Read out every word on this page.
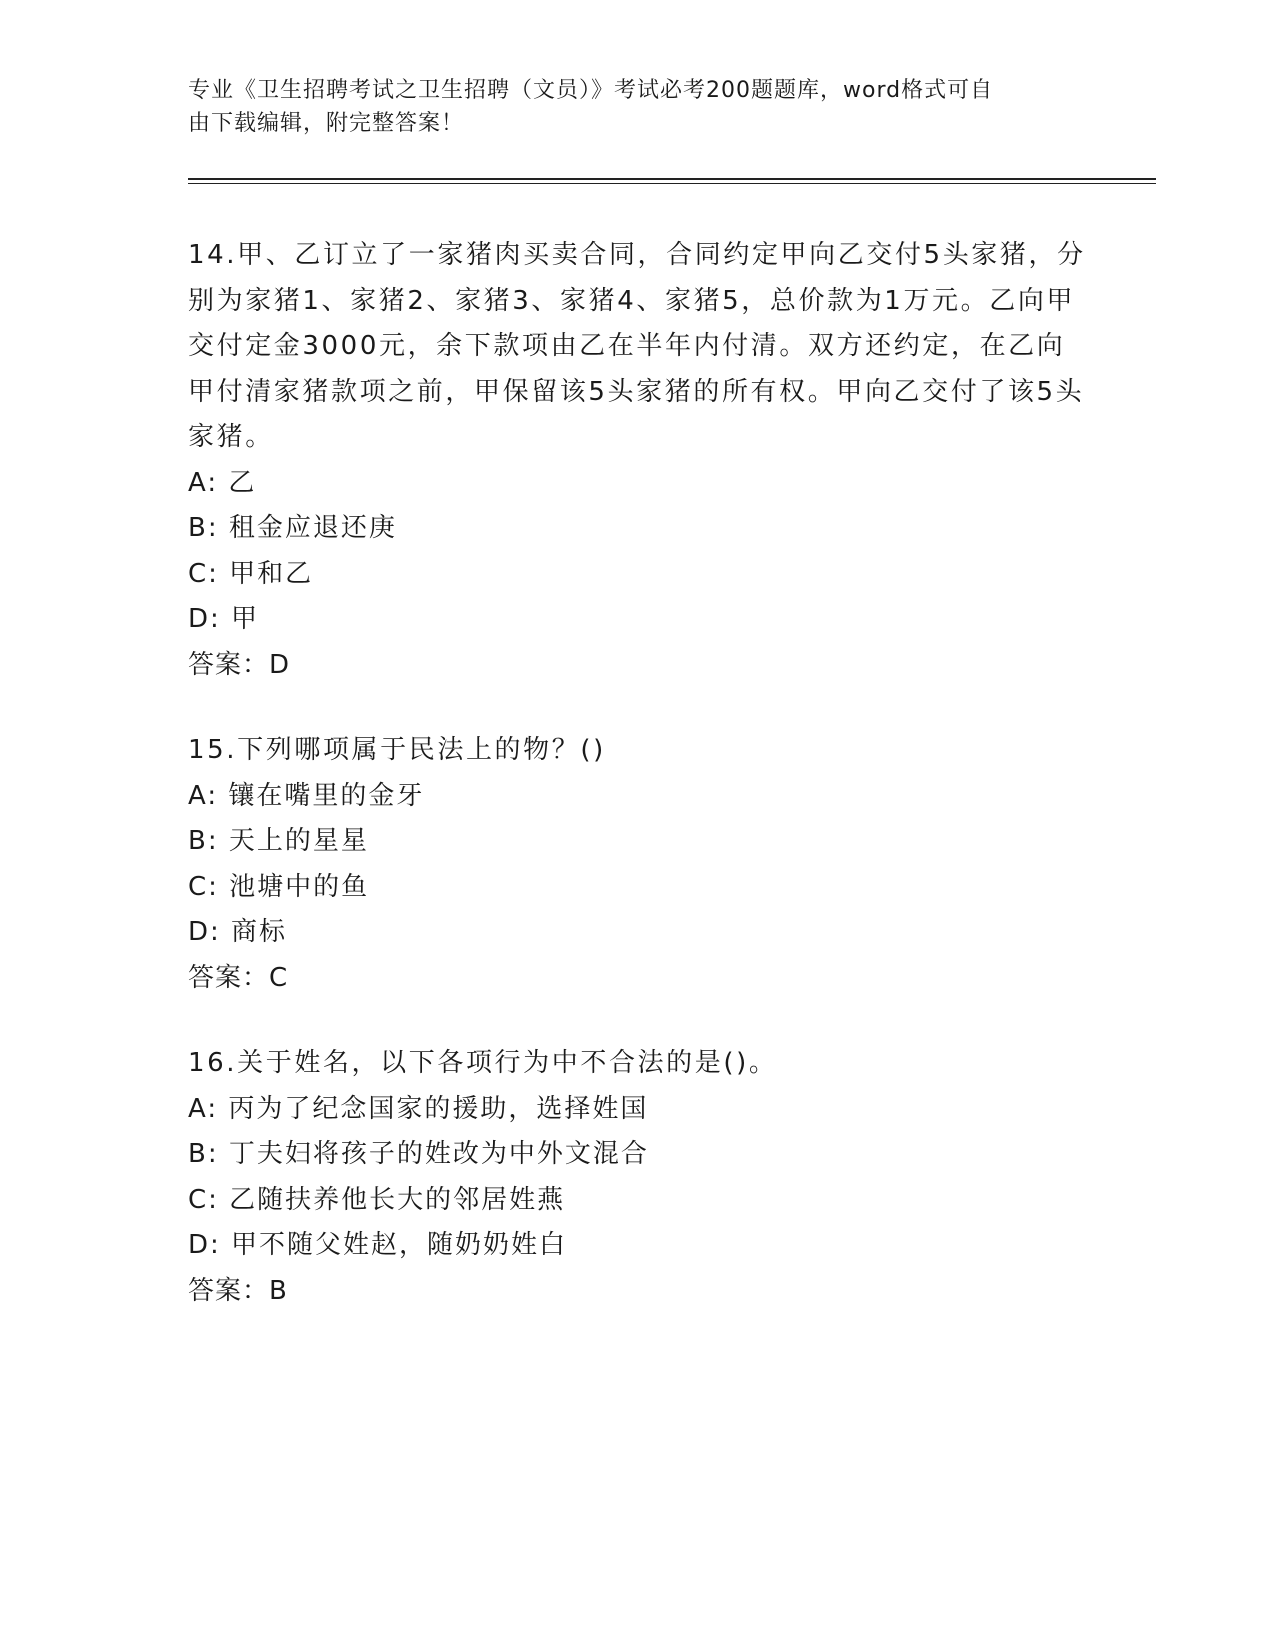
专业《卫生招聘考试之卫生招聘（文员）》考试必考200题题库，word格式可自
由下载编辑，附完整答案！
14.甲、乙订立了一家猪肉买卖合同，合同约定甲向乙交付5头家猪，分别为家猪1、家猪2、家猪3、家猪4、家猪5，总价款为1万元。乙向甲交付定金3000元，余下款项由乙在半年内付清。双方还约定，在乙向甲付清家猪款项之前，甲保留该5头家猪的所有权。甲向乙交付了该5头家猪。
A: 乙
B: 租金应退还庚
C: 甲和乙
D: 甲
答案：D
15.下列哪项属于民法上的物？()
A: 镶在嘴里的金牙
B: 天上的星星
C: 池塘中的鱼
D: 商标
答案：C
16.关于姓名，以下各项行为中不合法的是()。
A: 丙为了纪念国家的援助，选择姓国
B: 丁夫妇将孩子的姓改为中外文混合
C: 乙随扶养他长大的邻居姓燕
D: 甲不随父姓赵，随奶奶姓白
答案：B
